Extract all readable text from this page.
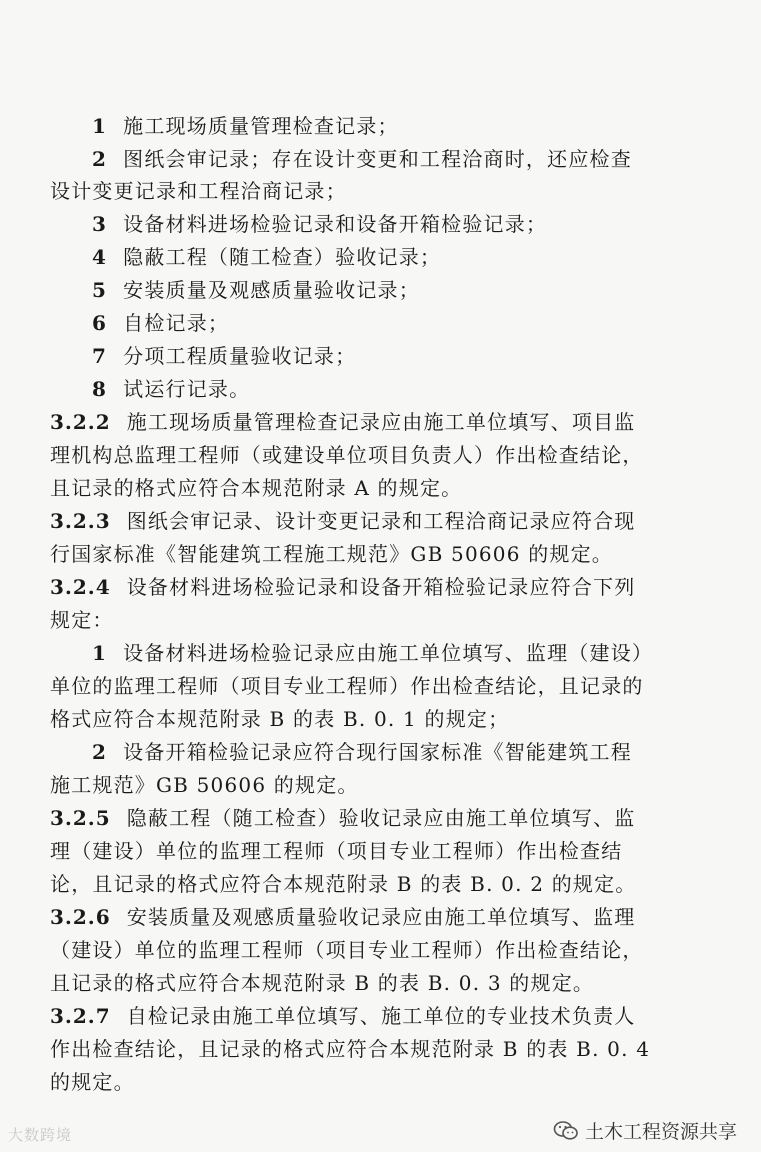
1 施工现场质量管理检查记录；
2 图纸会审记录；存在设计变更和工程洽商时，还应检查
设计变更记录和工程洽商记录；
3 设备材料进场检验记录和设备开箱检验记录；
4 隐蔽工程（随工检查）验收记录；
5 安装质量及观感质量验收记录；
6 自检记录；
7 分项工程质量验收记录；
8 试运行记录。
3.2.2 施工现场质量管理检查记录应由施工单位填写、项目监
理机构总监理工程师（或建设单位项目负责人）作出检查结论，
且记录的格式应符合本规范附录 A 的规定。
3.2.3 图纸会审记录、设计变更记录和工程洽商记录应符合现
行国家标准《智能建筑工程施工规范》GB 50606 的规定。
3.2.4 设备材料进场检验记录和设备开箱检验记录应符合下列
规定：
1 设备材料进场检验记录应由施工单位填写、监理（建设）
单位的监理工程师（项目专业工程师）作出检查结论，且记录的
格式应符合本规范附录 B 的表 B. 0. 1 的规定；
2 设备开箱检验记录应符合现行国家标准《智能建筑工程
施工规范》GB 50606 的规定。
3.2.5 隐蔽工程（随工检查）验收记录应由施工单位填写、监
理（建设）单位的监理工程师（项目专业工程师）作出检查结
论，且记录的格式应符合本规范附录 B 的表 B. 0. 2 的规定。
3.2.6 安装质量及观感质量验收记录应由施工单位填写、监理
（建设）单位的监理工程师（项目专业工程师）作出检查结论，
且记录的格式应符合本规范附录 B 的表 B. 0. 3 的规定。
3.2.7 自检记录由施工单位填写、施工单位的专业技术负责人
作出检查结论，且记录的格式应符合本规范附录 B 的表 B. 0. 4
的规定。
大数跨境	土木工程资源共享
